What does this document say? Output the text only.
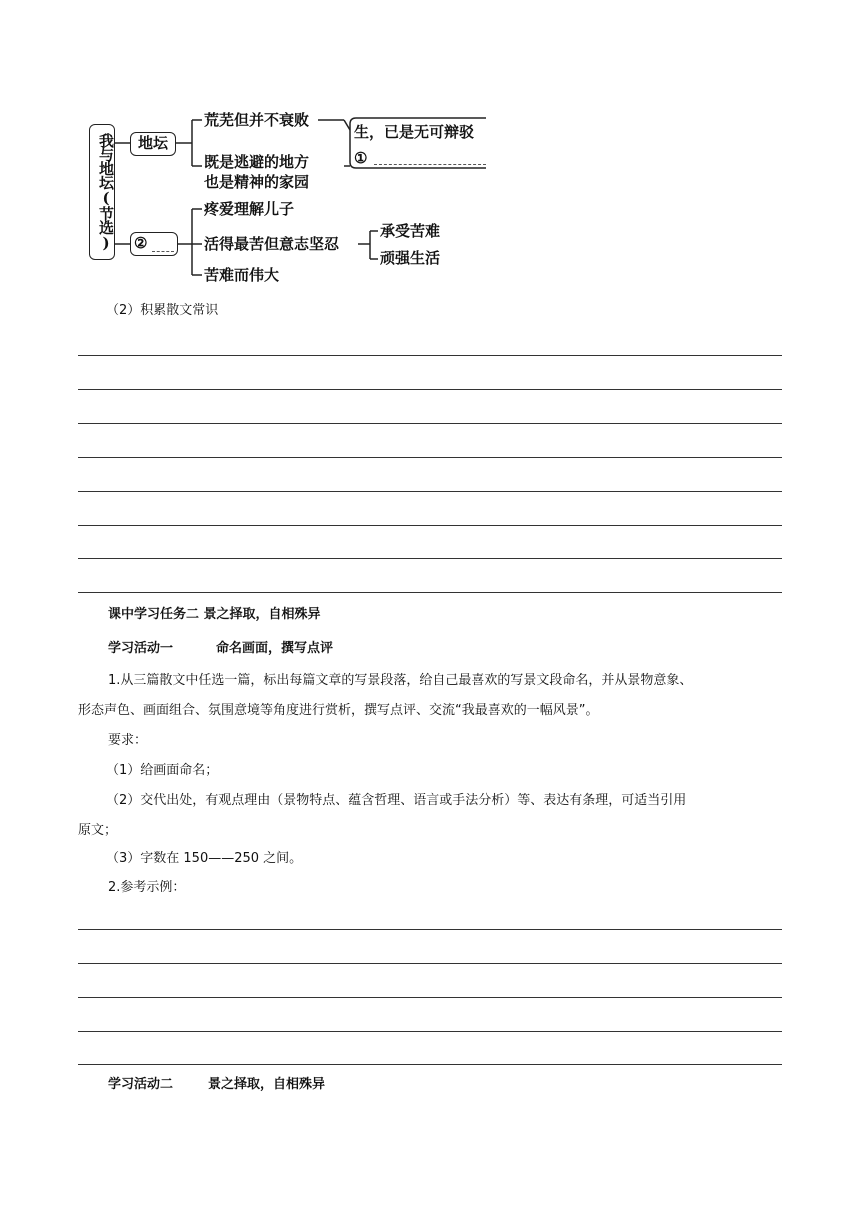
我与地坛(节选) 地坛
荒芜但并不衰败
既是逃避的地方
也是精神的家园
生，已是无可辩驳
①
②
疼爱理解儿子
活得最苦但意志坚忍
苦难而伟大
承受苦难
顽强生活
（2）积累散文常识
课中学习任务二 景之择取，自相殊异
学习活动一	命名画面，撰写点评
1.从三篇散文中任选一篇，标出每篇文章的写景段落，给自己最喜欢的写景文段命名，并从景物意象、
形态声色、画面组合、氛围意境等角度进行赏析，撰写点评、交流“我最喜欢的一幅风景”。
要求：
（1）给画面命名；
（2）交代出处，有观点理由（景物特点、蕴含哲理、语言或手法分析）等、表达有条理，可适当引用
原文；
（3）字数在 150——250 之间。
2.参考示例：
学习活动二	景之择取，自相殊异
